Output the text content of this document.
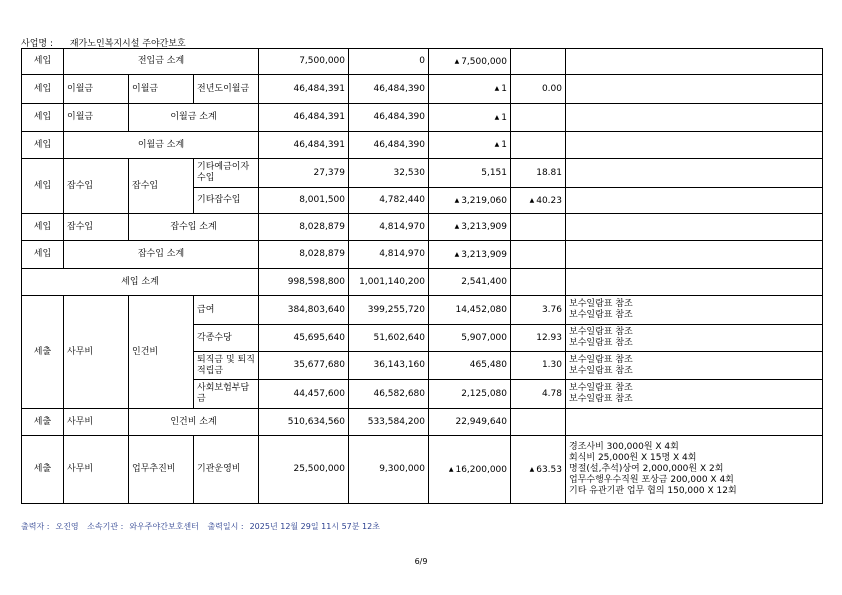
사업명 : 재가노인복지시설 주야간보호
세입	전입금 소계			7,500,000	0	▲ 7,500,000		
세입	이월금	이월금	전년도이월금	46,484,391	46,484,390	▲ 1	0.00	
세입	이월금	이월금 소계		46,484,391	46,484,390	▲ 1		
세입	이월금 소계			46,484,391	46,484,390	▲ 1		
세입	잡수입	잡수입	기타예금이자수입	27,379	32,530	5,151	18.81	
			기타잡수입	8,001,500	4,782,440	▲ 3,219,060	▲ 40.23	
세입	잡수입	잡수입 소계		8,028,879	4,814,970	▲ 3,213,909		
세입	잡수입 소계			8,028,879	4,814,970	▲ 3,213,909		
세입 소계				998,598,800	1,001,140,200	2,541,400		
세출	사무비	인건비	급여	384,803,640	399,255,720	14,452,080	3.76	보수일람표 참조
보수일람표 참조

			각종수당	45,695,640	51,602,640	5,907,000	12.93	보수일람표 참조
보수일람표 참조

			퇴직금 및 퇴직적립금	35,677,680	36,143,160	465,480	1.30	보수일람표 참조
보수일람표 참조

			사회보험부담금	44,457,600	46,582,680	2,125,080	4.78	보수일람표 참조
보수일람표 참조

세출	사무비	인건비 소계		510,634,560	533,584,200	22,949,640		
세출	사무비	업무추진비	기관운영비	25,500,000	9,300,000	▲ 16,200,000	▲ 63.53	경조사비 300,000원 X 4회
회식비 25,000원 X 15명 X 4회
명절(설,추석)상여 2,000,000원 X 2회
업무수행우수직원 포상금 200,000 X 4회
기타 유관기관 업무 협의 150,000 X 12회
출력자 : 오진영 소속기관 : 와우주야간보호센터 출력일시 : 2025년 12월 29일 11시 57분 12초
6/9
